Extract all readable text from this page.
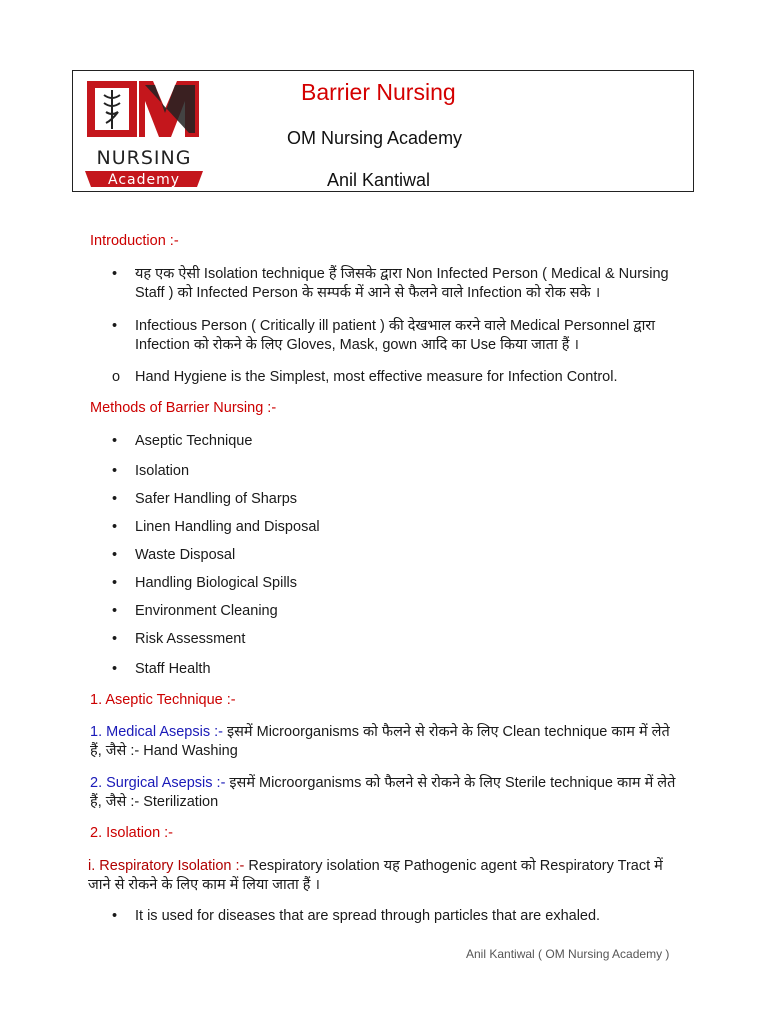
NURSING
Academy
Barrier Nursing
OM Nursing Academy
Anil Kantiwal
Introduction :-
• यह एक ऐसी Isolation technique हैं जिसके द्वारा Non Infected Person ( Medical & Nursing Staff ) को Infected Person के सम्पर्क में आने से फैलने वाले Infection को रोक सके ।
• Infectious Person ( Critically ill patient ) की देखभाल करने वाले Medical Personnel द्वारा Infection को रोकने के लिए Gloves, Mask, gown आदि का Use किया जाता हैं ।
o Hand Hygiene is the Simplest, most effective measure for Infection Control.
Methods of Barrier Nursing :-
• Aseptic Technique
• Isolation
• Safer Handling of Sharps
• Linen Handling and Disposal
• Waste Disposal
• Handling Biological Spills
• Environment Cleaning
• Risk Assessment
• Staff Health
1. Aseptic Technique :-
1. Medical Asepsis :- इसमें Microorganisms को फैलने से रोकने के लिए Clean technique काम में लेते हैं, जैसे :- Hand Washing
2. Surgical Asepsis :- इसमें Microorganisms को फैलने से रोकने के लिए Sterile technique काम में लेते हैं, जैसे :- Sterilization
2. Isolation :-
i. Respiratory Isolation :- Respiratory isolation यह Pathogenic agent को Respiratory Tract में जाने से रोकने के लिए काम में लिया जाता हैं ।
• It is used for diseases that are spread through particles that are exhaled.
Anil Kantiwal ( OM Nursing Academy )
